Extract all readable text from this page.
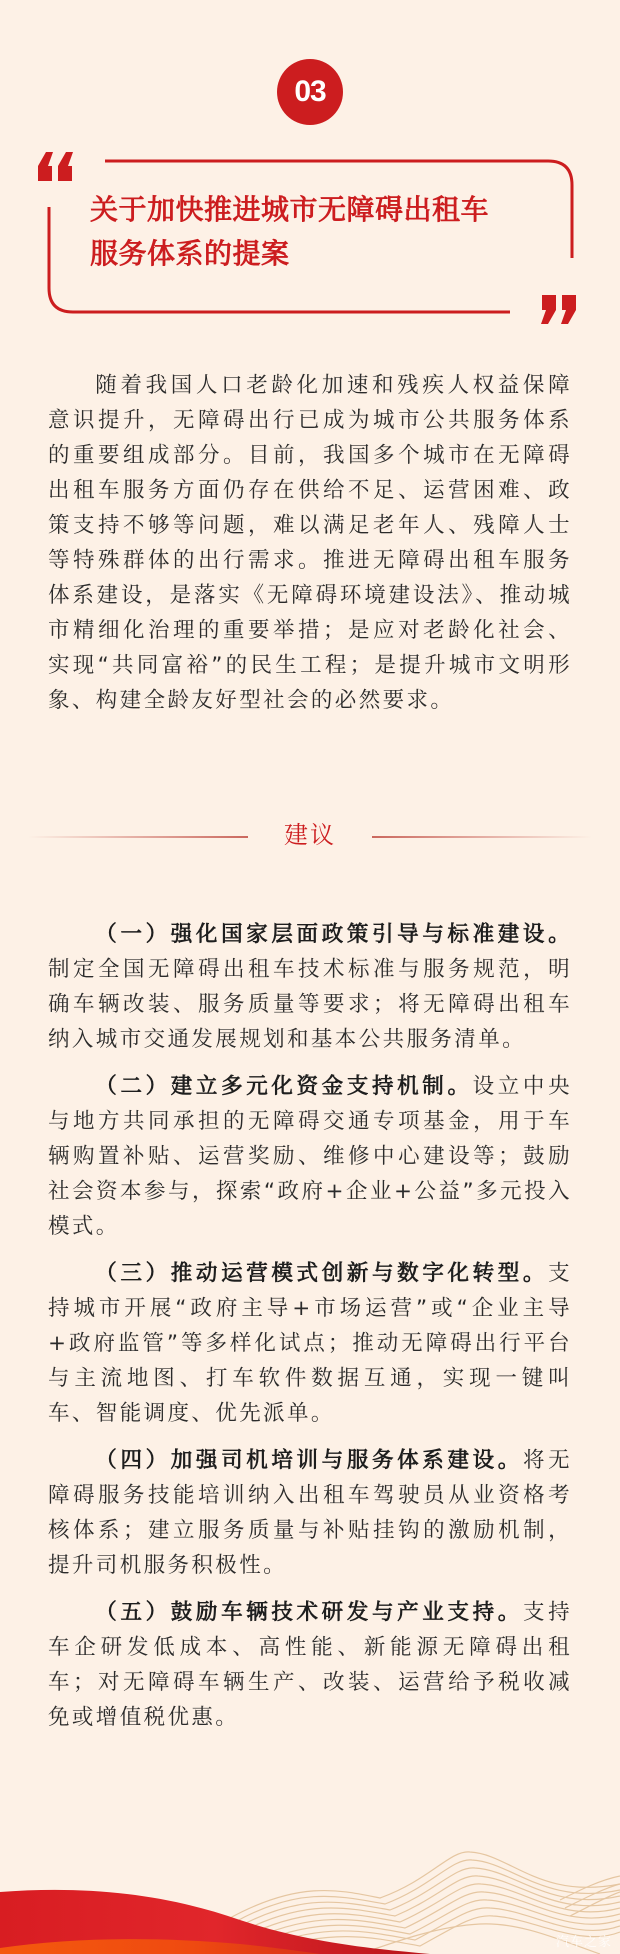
03
关于加快推进城市无障碍出租车
服务体系的提案

随着我国人口老龄化加速和残疾人权益保障意识提升，无障碍出行已成为城市公共服务体系的重要组成部分。目前，我国多个城市在无障碍出租车服务方面仍存在供给不足、运营困难、政策支持不够等问题，难以满足老年人、残障人士等特殊群体的出行需求。推进无障碍出租车服务体系建设，是落实《无障碍环境建设法》、推动城市精细化治理的重要举措；是应对老龄化社会、实现“共同富裕”的民生工程；是提升城市文明形象、构建全龄友好型社会的必然要求。

建议

（一）强化国家层面政策引导与标准建设。制定全国无障碍出租车技术标准与服务规范，明确车辆改装、服务质量等要求；将无障碍出租车纳入城市交通发展规划和基本公共服务清单。

（二）建立多元化资金支持机制。设立中央与地方共同承担的无障碍交通专项基金，用于车辆购置补贴、运营奖励、维修中心建设等；鼓励社会资本参与，探索“政府+企业+公益”多元投入模式。

（三）推动运营模式创新与数字化转型。支持城市开展“政府主导+市场运营”或“企业主导+政府监管”等多样化试点；推动无障碍出行平台与主流地图、打车软件数据互通，实现一键叫车、智能调度、优先派单。

（四）加强司机培训与服务体系建设。将无障碍服务技能培训纳入出租车驾驶员从业资格考核体系；建立服务质量与补贴挂钩的激励机制，提升司机服务积极性。

（五）鼓励车辆技术研发与产业支持。支持车企研发低成本、高性能、新能源无障碍出租车；对无障碍车辆生产、改装、运营给予税收减免或增值税优惠。

汽车之家
